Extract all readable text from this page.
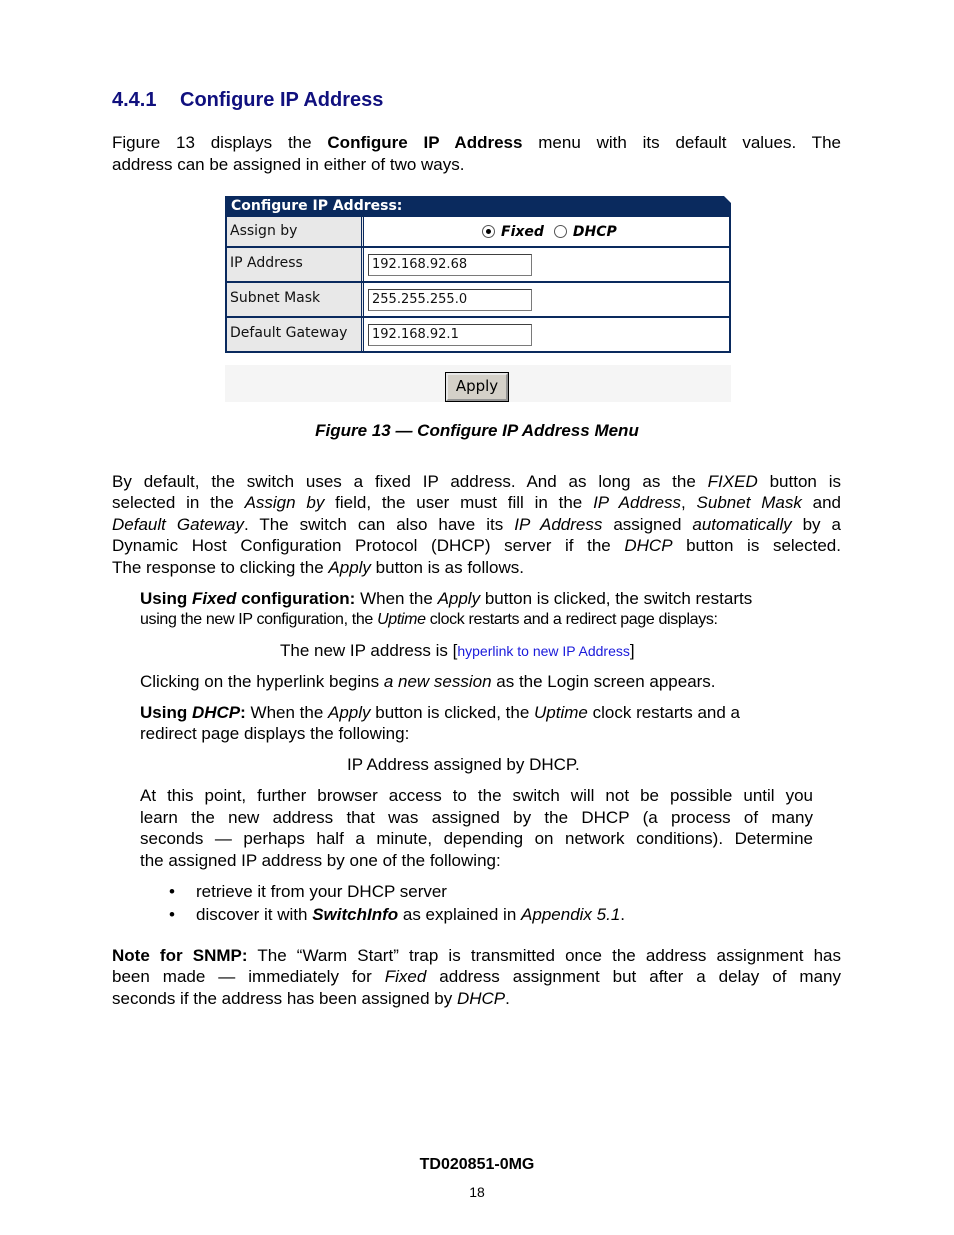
4.4.1 Configure IP Address
Figure 13 displays the Configure IP Address menu with its default values. The
address can be assigned in either of two ways.
Configure IP Address:
Assign by	Fixed DHCP
IP Address	192.168.92.68
Subnet Mask	255.255.255.0
Default Gateway	192.168.92.1
Apply
Figure 13 — Configure IP Address Menu
By default, the switch uses a fixed IP address. And as long as the FIXED button is
selected in the Assign by field, the user must fill in the IP Address, Subnet Mask and
Default Gateway. The switch can also have its IP Address assigned automatically by a
Dynamic Host Configuration Protocol (DHCP) server if the DHCP button is selected.
The response to clicking the Apply button is as follows.
Using Fixed configuration: When the Apply button is clicked, the switch restarts
using the new IP configuration, the Uptime clock restarts and a redirect page displays:
The new IP address is [hyperlink to new IP Address]
Clicking on the hyperlink begins a new session as the Login screen appears.
Using DHCP: When the Apply button is clicked, the Uptime clock restarts and a
redirect page displays the following:
IP Address assigned by DHCP.
At this point, further browser access to the switch will not be possible until you
learn the new address that was assigned by the DHCP (a process of many
seconds — perhaps half a minute, depending on network conditions). Determine
the assigned IP address by one of the following:
• retrieve it from your DHCP server
• discover it with SwitchInfo as explained in Appendix 5.1.
Note for SNMP: The “Warm Start” trap is transmitted once the address assignment has
been made — immediately for Fixed address assignment but after a delay of many
seconds if the address has been assigned by DHCP.
TD020851-0MG
18
